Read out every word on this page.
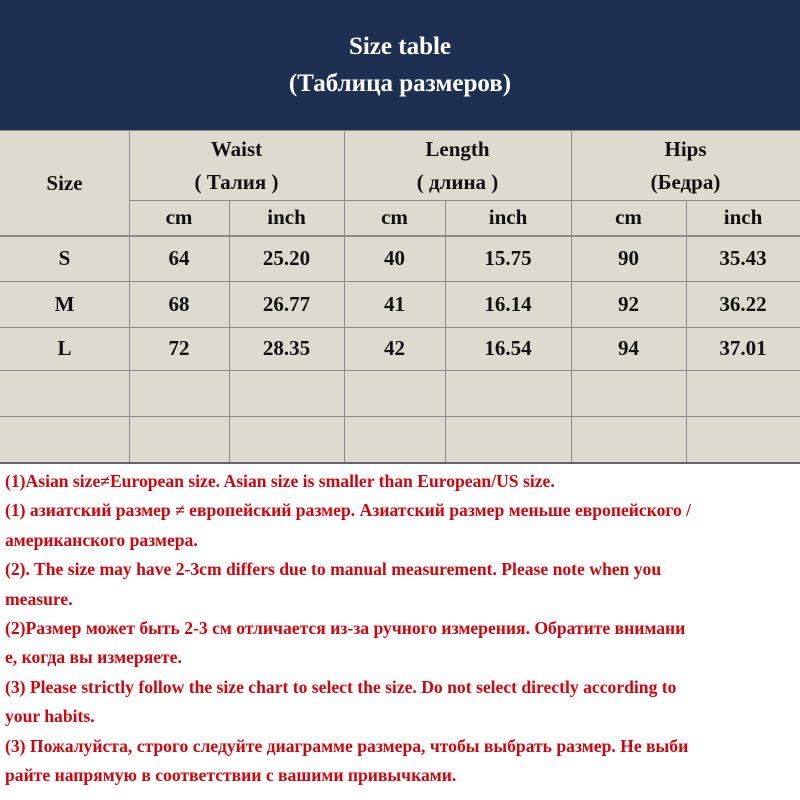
Size table
(Таблица размеров)
Size
Waist
( Талия )
cm	inch
Length
( длина )
cm	inch
Hips
(Бедра)
cm	inch
S	64	25.20	40	15.75	90	35.43
M	68	26.77	41	16.14	92	36.22
L	72	28.35	42	16.54	94	37.01
(1)Asian size≠European size. Asian size is smaller than European/US size.
(1) азиатский размер ≠ европейский размер. Азиатский размер меньше европейского /
американского размера.
(2). The size may have 2-3cm differs due to manual measurement. Please note when you
measure.
(2)Размер может быть 2-3 см отличается из-за ручного измерения. Обратите внимани
е, когда вы измеряете.
(3) Please strictly follow the size chart to select the size. Do not select directly according to
your habits.
(3) Пожалуйста, строго следуйте диаграмме размера, чтобы выбрать размер. Не выби
райте напрямую в соответствии с вашими привычками.
